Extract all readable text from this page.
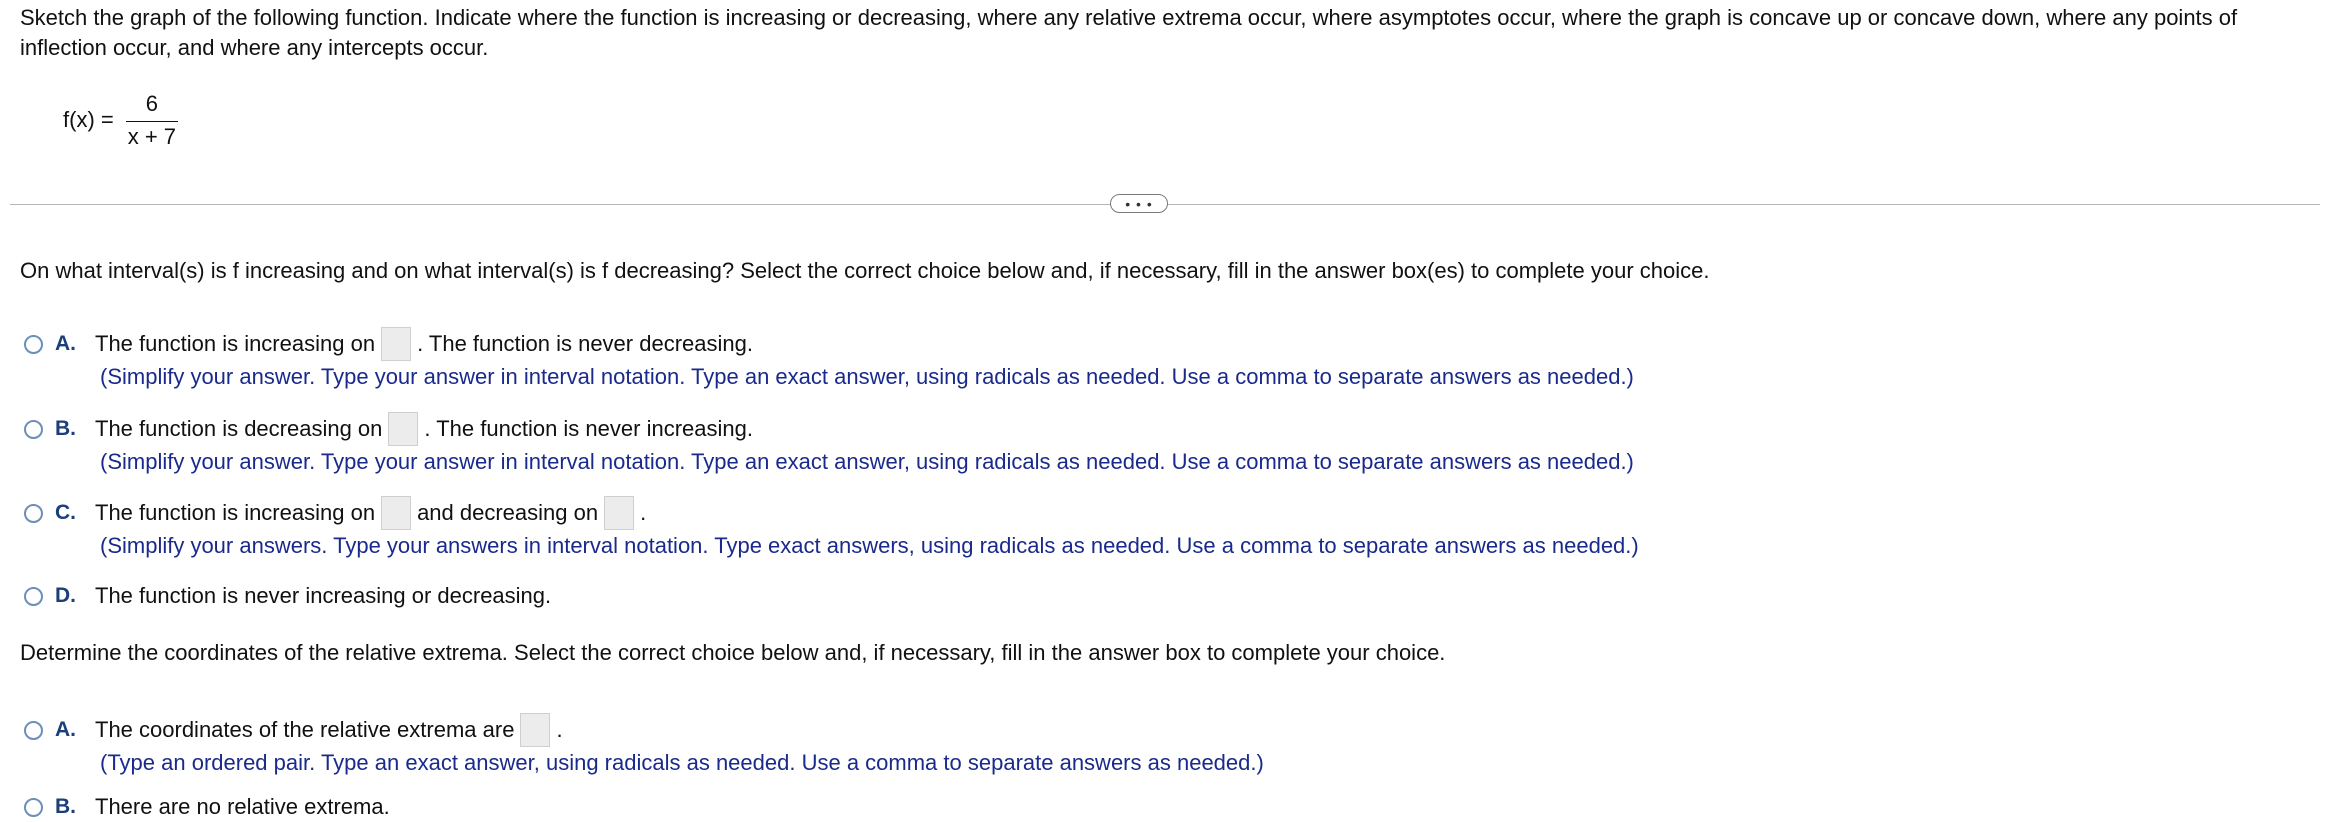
Sketch the graph of the following function. Indicate where the function is increasing or decreasing, where any relative extrema occur, where asymptotes occur, where the graph is concave up or concave down, where any points of inflection occur, and where any intercepts occur.

$f(x) = \frac{6}{x + 7}$
• • •

On what interval(s) is f increasing and on what interval(s) is f decreasing? Select the correct choice below and, if necessary, fill in the answer box(es) to complete your choice.

A. The function is increasing on . The function is never decreasing.
(Simplify your answer. Type your answer in interval notation. Type an exact answer, using radicals as needed. Use a comma to separate answers as needed.)
B. The function is decreasing on . The function is never increasing.
(Simplify your answer. Type your answer in interval notation. Type an exact answer, using radicals as needed. Use a comma to separate answers as needed.)
C. The function is increasing on and decreasing on .
(Simplify your answers. Type your answers in interval notation. Type exact answers, using radicals as needed. Use a comma to separate answers as needed.)
D. The function is never increasing or decreasing.

Determine the coordinates of the relative extrema. Select the correct choice below and, if necessary, fill in the answer box to complete your choice.

A. The coordinates of the relative extrema are .
(Type an ordered pair. Type an exact answer, using radicals as needed. Use a comma to separate answers as needed.)
B. There are no relative extrema.
